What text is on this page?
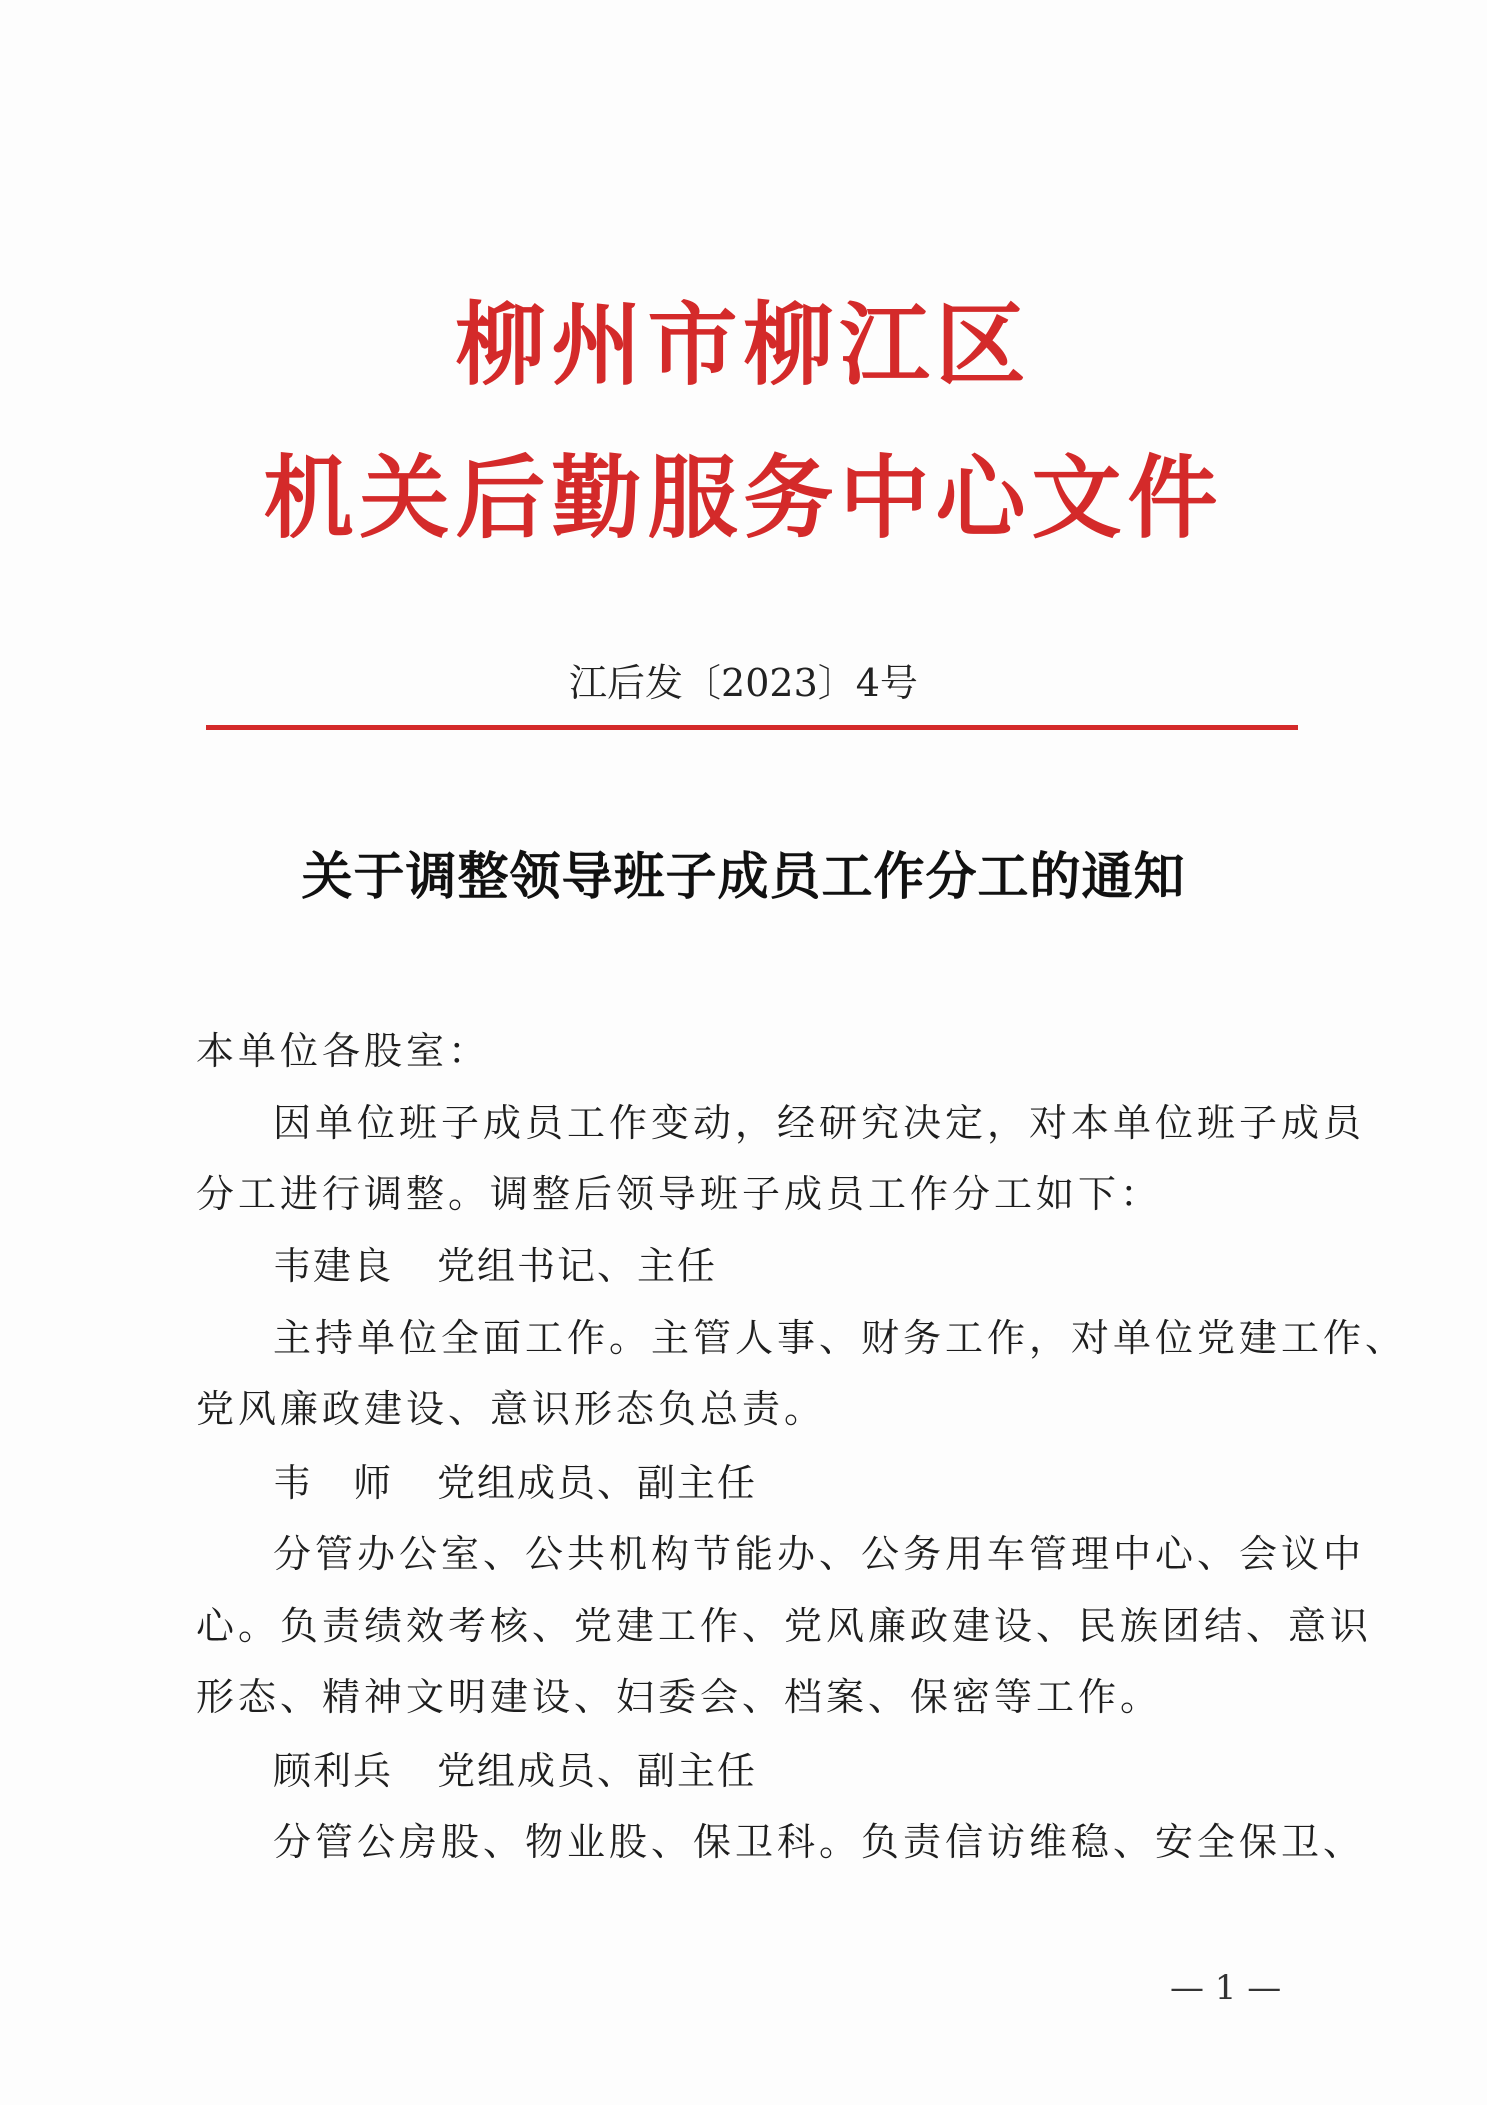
柳州市柳江区
机关后勤服务中心文件
江后发〔2023〕4号
关于调整领导班子成员工作分工的通知
本单位各股室：
因单位班子成员工作变动，经研究决定，对本单位班子成员
分工进行调整。调整后领导班子成员工作分工如下：
韦建良 党组书记、主任
主持单位全面工作。主管人事、财务工作，对单位党建工作、
党风廉政建设、意识形态负总责。
韦　师 党组成员、副主任
分管办公室、公共机构节能办、公务用车管理中心、会议中
心。负责绩效考核、党建工作、党风廉政建设、民族团结、意识
形态、精神文明建设、妇委会、档案、保密等工作。
顾利兵 党组成员、副主任
分管公房股、物业股、保卫科。负责信访维稳、安全保卫、
— 1 —
